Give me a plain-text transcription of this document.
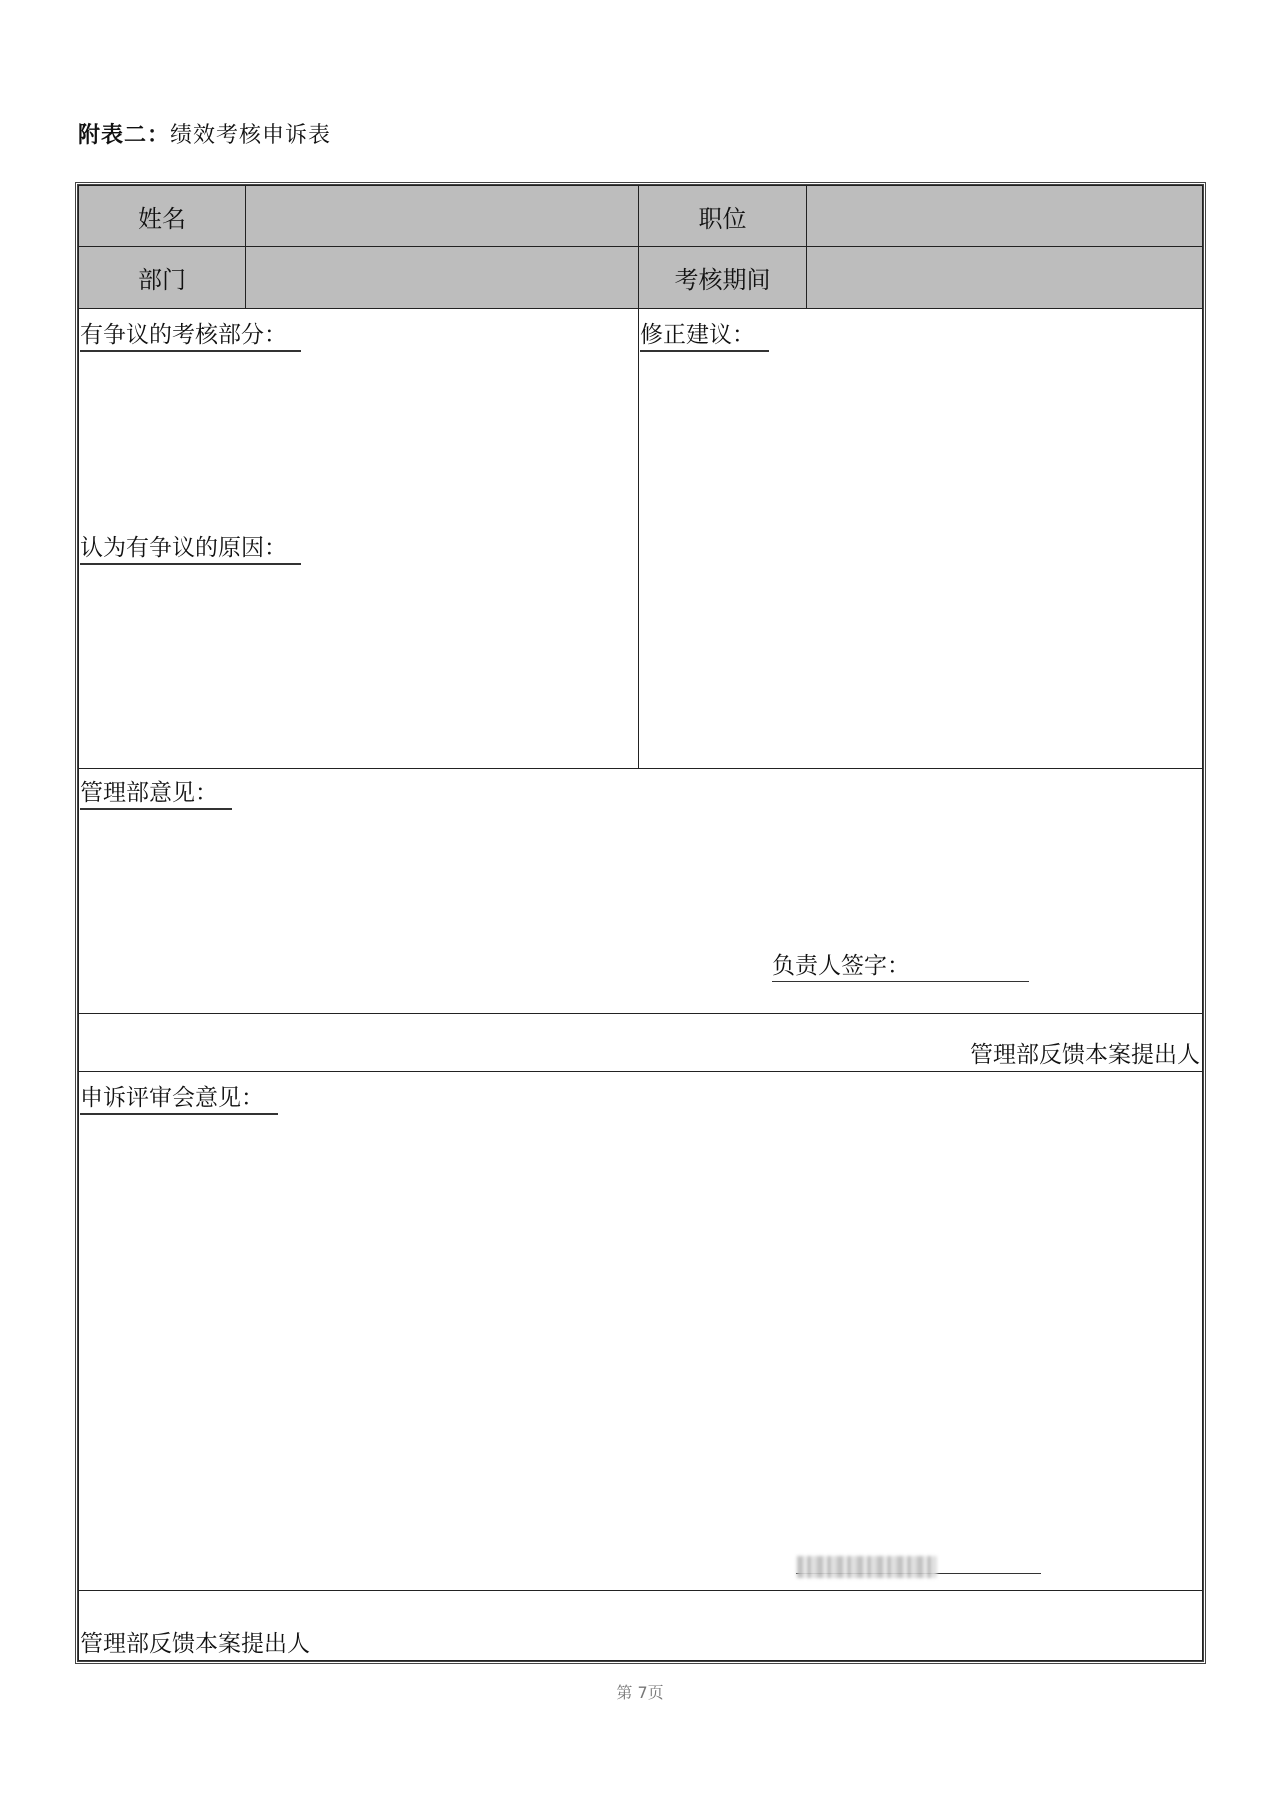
附表二：绩效考核申诉表
姓名	职位
部门	考核期间
有争议的考核部分：
认为有争议的原因：
修正建议：
管理部意见：
负责人签字：
管理部反馈本案提出人
申诉评审会意见：
管理部反馈本案提出人
第 7页
